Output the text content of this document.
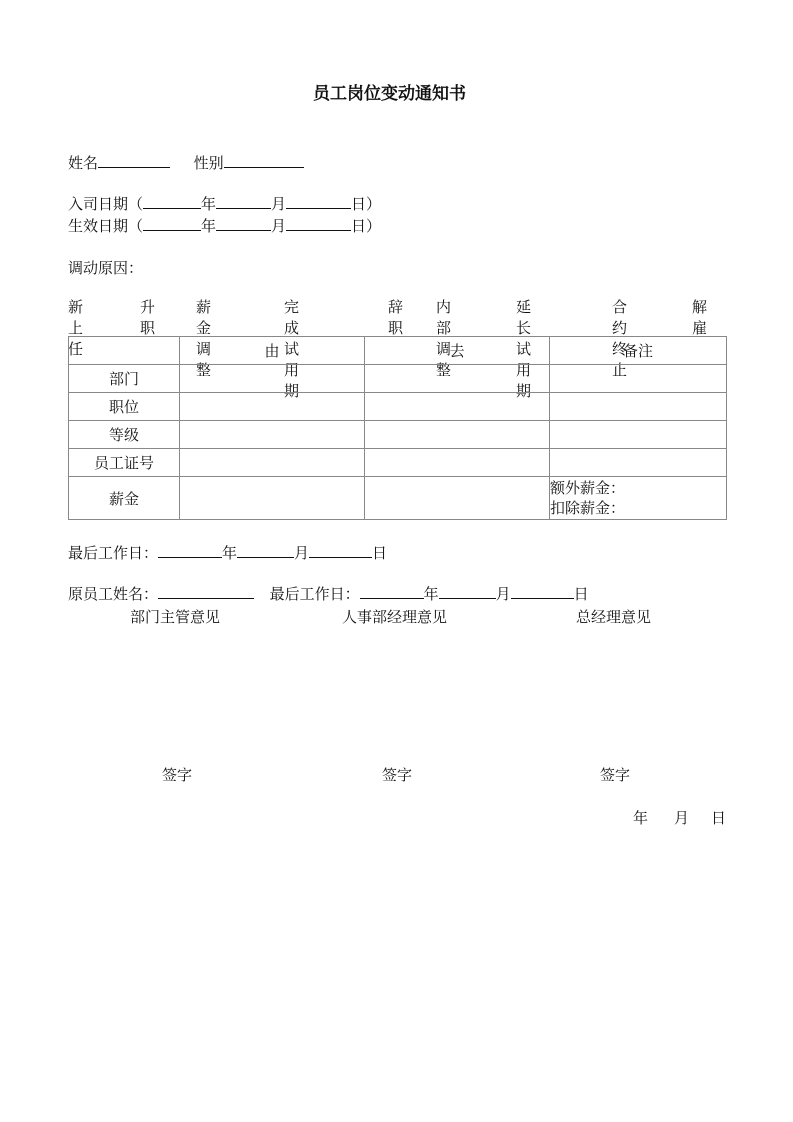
员工岗位变动通知书
姓名	性别
入司日期（	年	月	日）
生效日期（	年	月	日）
调动原因：
新上任
升职
薪金调整
完成试用期
辞职
内部调整
延长试用期
合约终止
解雇
	由	去	备注
部门			
职位			
等级			
员工证号			
薪金			额外薪金：
扣除薪金：
最后工作日：	年	月	日
原员工姓名：	最后工作日：	年	月	日
部门主管意见	人事部经理意见	总经理意见
签字	签字	签字
年 月 日
